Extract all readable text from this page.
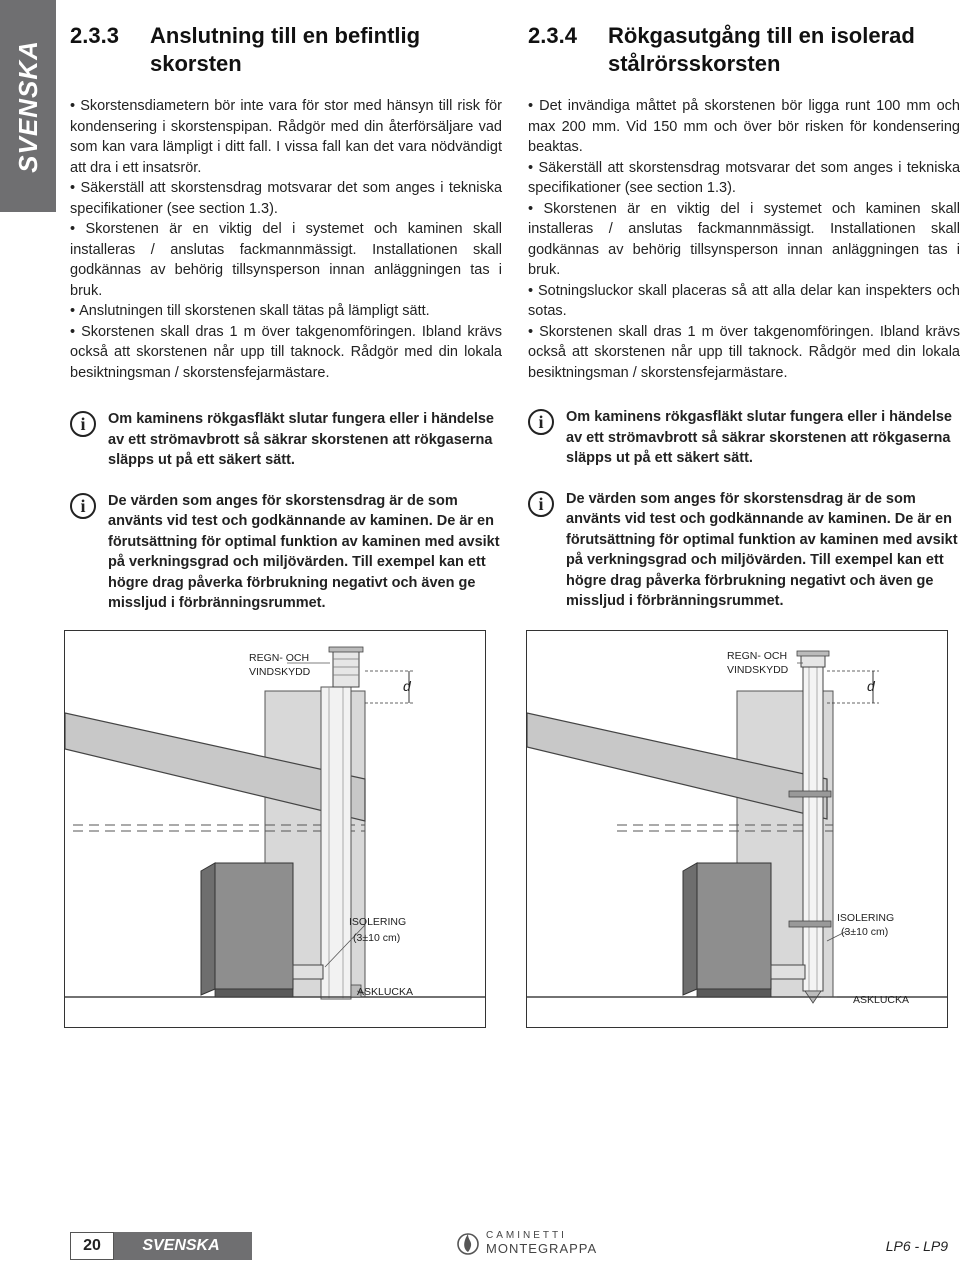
SVENSKA
2.3.3	Anslutning till en befintlig skorsten
• Skorstensdiametern bör inte vara för stor med hänsyn till risk för kondensering i skorstenspipan. Rådgör med din återförsäljare vad som kan vara lämpligt i ditt fall. I vissa fall kan det vara nödvändigt att dra i ett insatsrör.
• Säkerställ att skorstensdrag motsvarar det som anges i tekniska specifikationer (see section 1.3).
• Skorstenen är en viktig del i systemet och kaminen skall installeras / anslutas fackmannmässigt. Installationen skall godkännas av behörig tillsynsperson innan anläggningen tas i bruk.
• Anslutningen till skorstenen skall tätas på lämpligt sätt.
• Skorstenen skall dras 1 m över takgenomföringen. Ibland krävs också att skorstenen når upp till taknock. Rådgör med din lokala besiktningsman / skorstensfejarmästare.
i	Om kaminens rökgasfläkt slutar fungera eller i händelse av ett strömavbrott så säkrar skorstenen att rökgaserna släpps ut på ett säkert sätt.
i	De värden som anges för skorstensdrag är de som använts vid test och godkännande av kaminen. De är en förutsättning för optimal funktion av kaminen med avsikt på verkningsgrad och miljövärden. Till exempel kan ett högre drag påverka förbrukning negativt och även ge missljud i förbränningsrummet.
2.3.4	Rökgasutgång till en isolerad stålrörsskorsten
• Det invändiga måttet på skorstenen bör ligga runt 100 mm och max 200 mm. Vid 150 mm och över bör risken för kondensering beaktas.
• Säkerställ att skorstensdrag motsvarar det som anges i tekniska specifikationer (see section 1.3).
• Skorstenen är en viktig del i systemet och kaminen skall installeras / anslutas fackmannmässigt. Installationen skall godkännas av behörig tillsynsperson innan anläggningen tas i bruk.
• Sotningsluckor skall placeras så att alla delar kan inspekters och sotas.
• Skorstenen skall dras 1 m över takgenomföringen. Ibland krävs också att skorstenen når upp till taknock. Rådgör med din lokala besiktningsman / skorstensfejarmästare.
i	Om kaminens rökgasfläkt slutar fungera eller i händelse av ett strömavbrott så säkrar skorstenen att rökgaserna släpps ut på ett säkert sätt.
i	De värden som anges för skorstensdrag är de som använts vid test och godkännande av kaminen. De är en förutsättning för optimal funktion av kaminen med avsikt på verkningsgrad och miljövärden. Till exempel kan ett högre drag påverka förbrukning negativt och även ge missljud i förbränningsrummet.
REGN- OCH
VINDSKYDD
d
ISOLERING
(3±10 cm)
ASKLUCKA
REGN- OCH
VINDSKYDD
d
ISOLERING
(3±10 cm)
ASKLUCKA
20	SVENSKA
CAMINETTI
MONTEGRAPPA	LP6 - LP9
